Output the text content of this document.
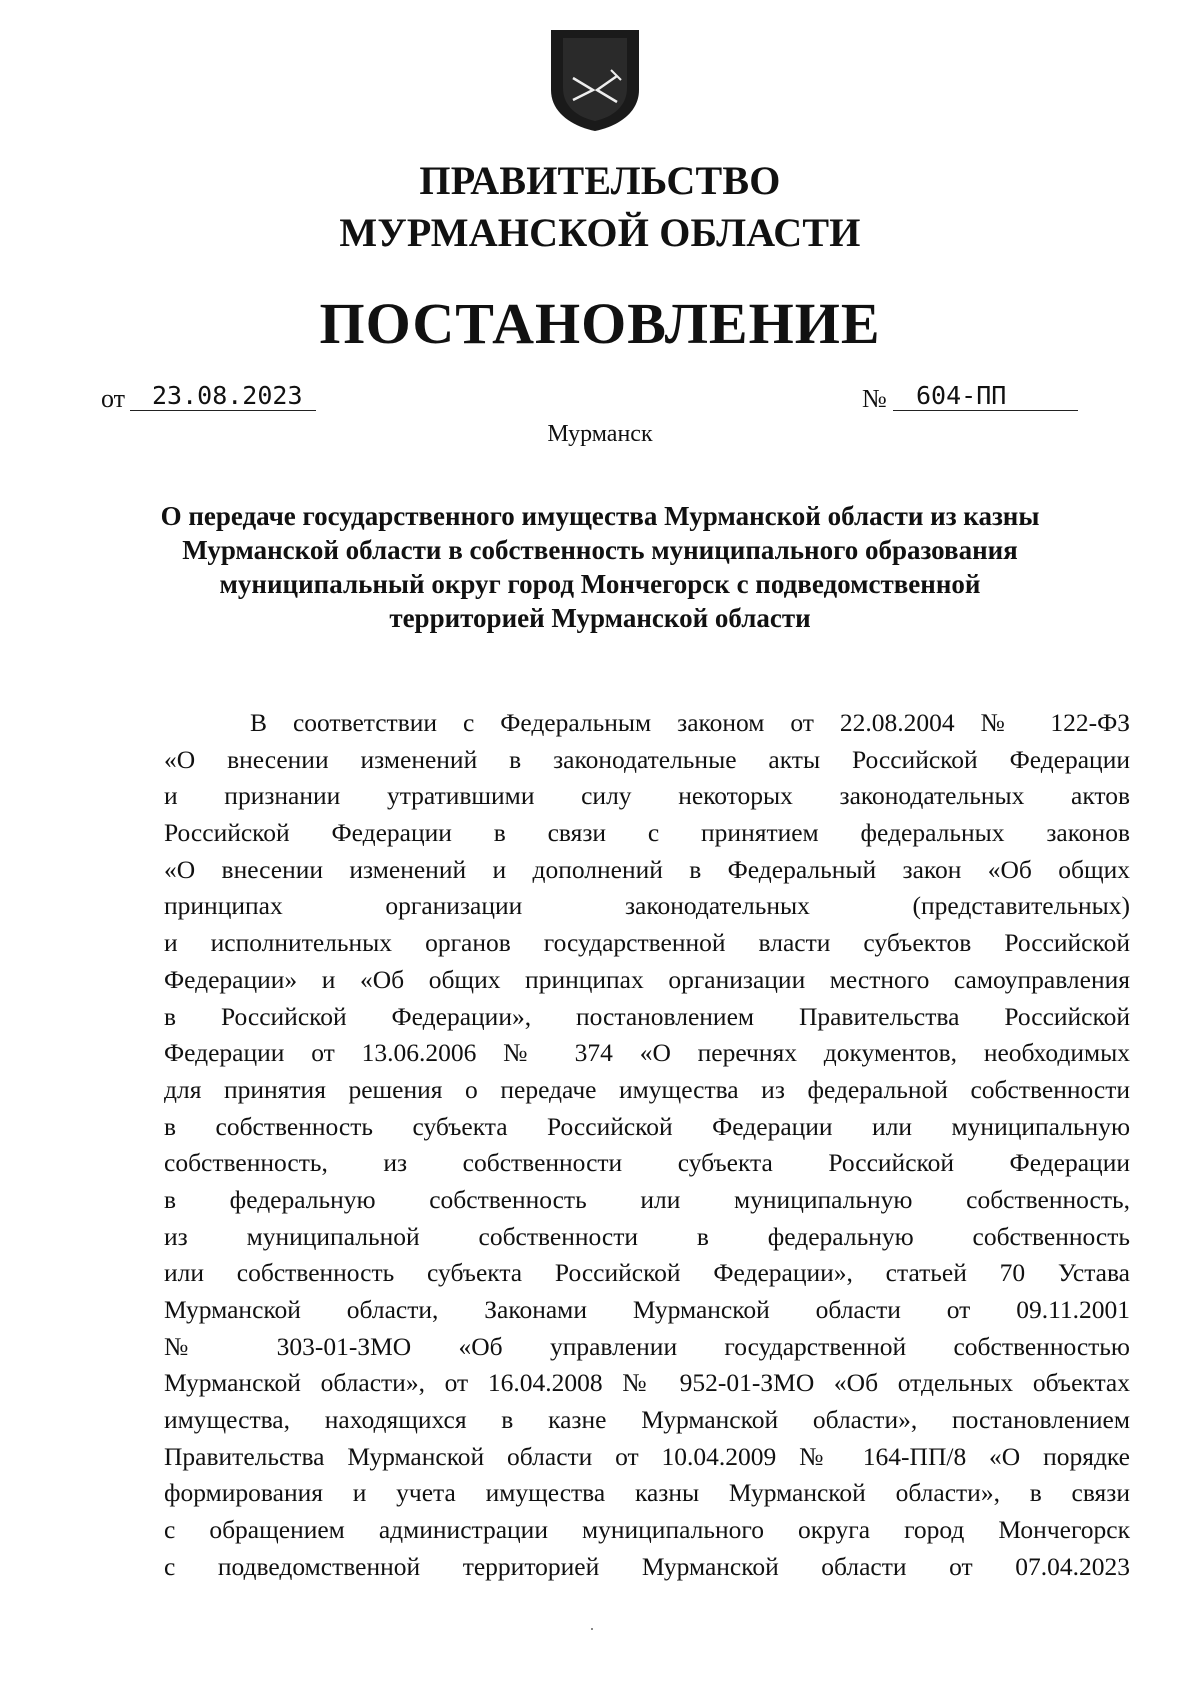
ПРАВИТЕЛЬСТВО
МУРМАНСКОЙ ОБЛАСТИ
ПОСТАНОВЛЕНИЕ
от 23.08.2023	№ 604-ПП
Мурманск
О передаче государственного имущества Мурманской области из казны
Мурманской области в собственность муниципального образования
муниципальный округ город Мончегорск с подведомственной
территорией Мурманской области
В соответствии с Федеральным законом от 22.08.2004 № 122-ФЗ
«О внесении изменений в законодательные акты Российской Федерации
и признании утратившими силу некоторых законодательных актов
Российской Федерации в связи с принятием федеральных законов
«О внесении изменений и дополнений в Федеральный закон «Об общих
принципах организации законодательных (представительных)
и исполнительных органов государственной власти субъектов Российской
Федерации» и «Об общих принципах организации местного самоуправления
в Российской Федерации», постановлением Правительства Российской
Федерации от 13.06.2006 № 374 «О перечнях документов, необходимых
для принятия решения о передаче имущества из федеральной собственности
в собственность субъекта Российской Федерации или муниципальную
собственность, из собственности субъекта Российской Федерации
в федеральную собственность или муниципальную собственность,
из муниципальной собственности в федеральную собственность
или собственность субъекта Российской Федерации», статьей 70 Устава
Мурманской области, Законами Мурманской области от 09.11.2001
№ 303-01-ЗМО «Об управлении государственной собственностью
Мурманской области», от 16.04.2008 № 952-01-ЗМО «Об отдельных объектах
имущества, находящихся в казне Мурманской области», постановлением
Правительства Мурманской области от 10.04.2009 № 164-ПП/8 «О порядке
формирования и учета имущества казны Мурманской области», в связи
с обращением администрации муниципального округа город Мончегорск
с подведомственной территорией Мурманской области от 07.04.2023
